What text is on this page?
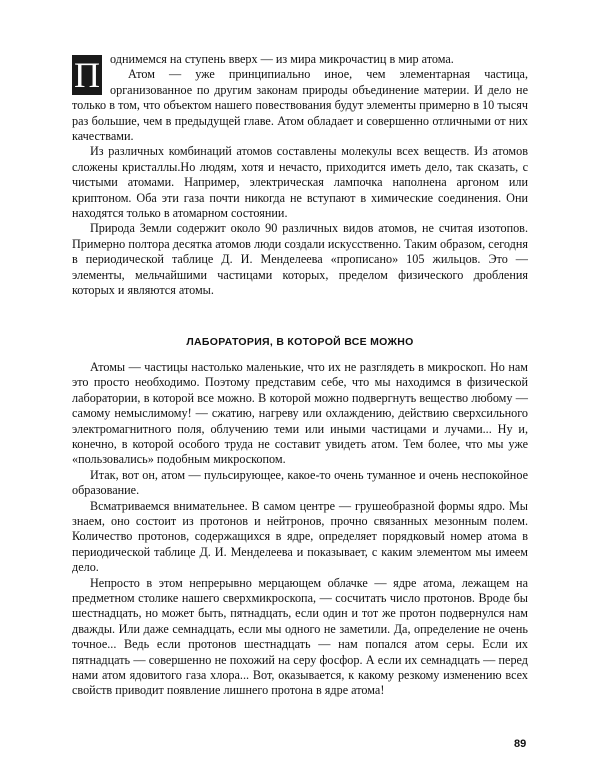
П однимемся на ступень вверх — из мира микрочастиц в мир атома.

Атом — уже принципиально иное, чем элементарная частица, организованное по другим законам природы объединение материи. И дело не только в том, что объектом нашего повествования будут элементы примерно в 10 тысяч раз большие, чем в предыдущей главе. Атом обладает и совершенно отличными от них качествами.

Из различных комбинаций атомов составлены молекулы всех веществ. Из атомов сложены кристаллы.Но людям, хотя и нечасто, приходится иметь дело, так сказать, с чистыми атомами. Например, электрическая лампочка наполнена аргоном или криптоном. Оба эти газа почти никогда не вступают в химические соединения. Они находятся только в атомарном состоянии.

Природа Земли содержит около 90 различных видов атомов, не считая изотопов. Примерно полтора десятка атомов люди создали искусственно. Таким образом, сегодня в периодической таблице Д. И. Менделеева «прописано» 105 жильцов. Это — элементы, мельчайшими частицами которых, пределом физического дробления которых и являются атомы.

ЛАБОРАТОРИЯ, В КОТОРОЙ ВСЕ МОЖНО

Атомы — частицы настолько маленькие, что их не разглядеть в микроскоп. Но нам это просто необходимо. Поэтому представим себе, что мы находимся в физической лаборатории, в которой все можно. В которой можно подвергнуть вещество любому — самому немыслимому! — сжатию, нагреву или охлаждению, действию сверхсильного электромагнитного поля, облучению теми или иными частицами и лучами... Ну и, конечно, в которой особого труда не составит увидеть атом. Тем более, что мы уже «пользовались» подобным микроскопом.

Итак, вот он, атом — пульсирующее, какое-то очень туманное и очень неспокойное образование.

Всматриваемся внимательнее. В самом центре — грушеобразной формы ядро. Мы знаем, оно состоит из протонов и нейтронов, прочно связанных мезонным полем. Количество протонов, содержащихся в ядре, определяет порядковый номер атома в периодической таблице Д. И. Менделеева и показывает, с каким элементом мы имеем дело.

Непросто в этом непрерывно мерцающем облачке — ядре атома, лежащем на предметном столике нашего сверхмикроскопа, — сосчитать число протонов. Вроде бы шестнадцать, но может быть, пятнадцать, если один и тот же протон подвернулся нам дважды. Или даже семнадцать, если мы одного не заметили. Да, определение не очень точное... Ведь если протонов шестнадцать — нам попался атом серы. Если их пятнадцать — совершенно не похожий на серу фосфор. А если их семнадцать — перед нами атом ядовитого газа хлора... Вот, оказывается, к какому резкому изменению всех свойств приводит появление лишнего протона в ядре атома!

89
